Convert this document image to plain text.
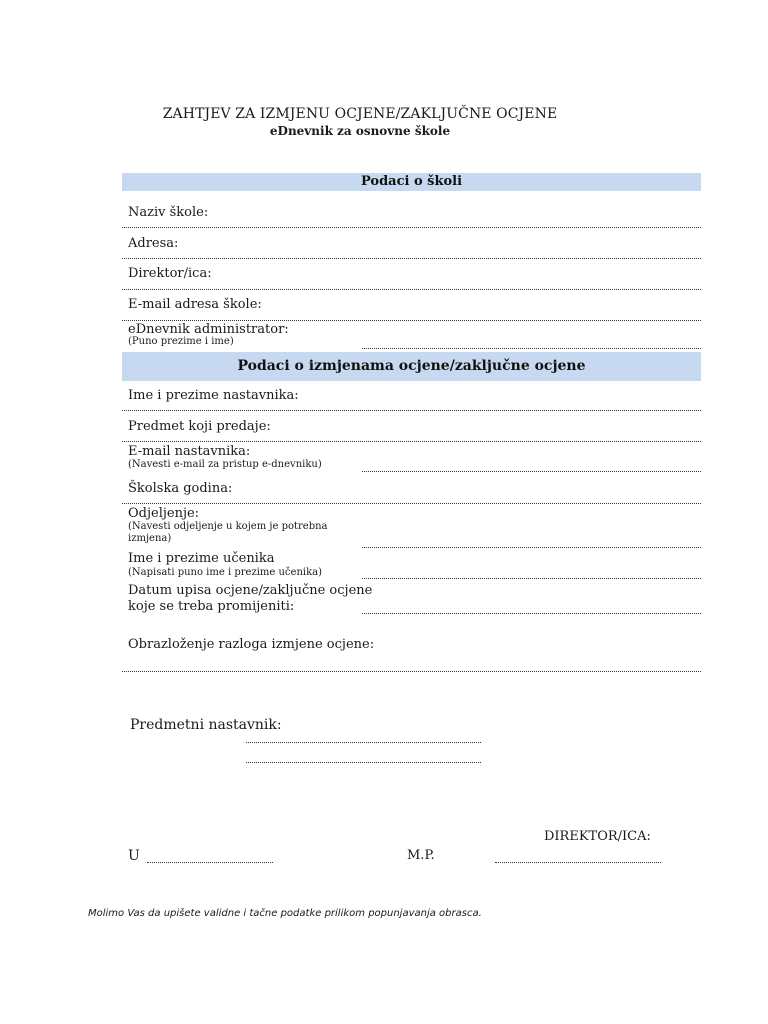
ZAHTJEV ZA IZMJENU OCJENE/ZAKLJUČNE OCJENE
eDnevnik za osnovne škole
Podaci o školi
Naziv škole:
Adresa:
Direktor/ica:
E-mail adresa škole:
eDnevnik administrator:
(Puno prezime i ime)
Podaci o izmjenama ocjene/zaključne ocjene
Ime i prezime nastavnika:
Predmet koji predaje:
E-mail nastavnika:
(Navesti e-mail za pristup e-dnevniku)
Školska godina:
Odjeljenje:
(Navesti odjeljenje u kojem je potrebna izmjena)
Ime i prezime učenika
(Napisati puno ime i prezime učenika)
Datum upisa ocjene/zaključne ocjene
koje se treba promijeniti:
Obrazloženje razloga izmjene ocjene:
Predmetni nastavnik:
DIREKTOR/ICA:
U	M.P.
Molimo Vas da upišete validne i tačne podatke prilikom popunjavanja obrasca.
